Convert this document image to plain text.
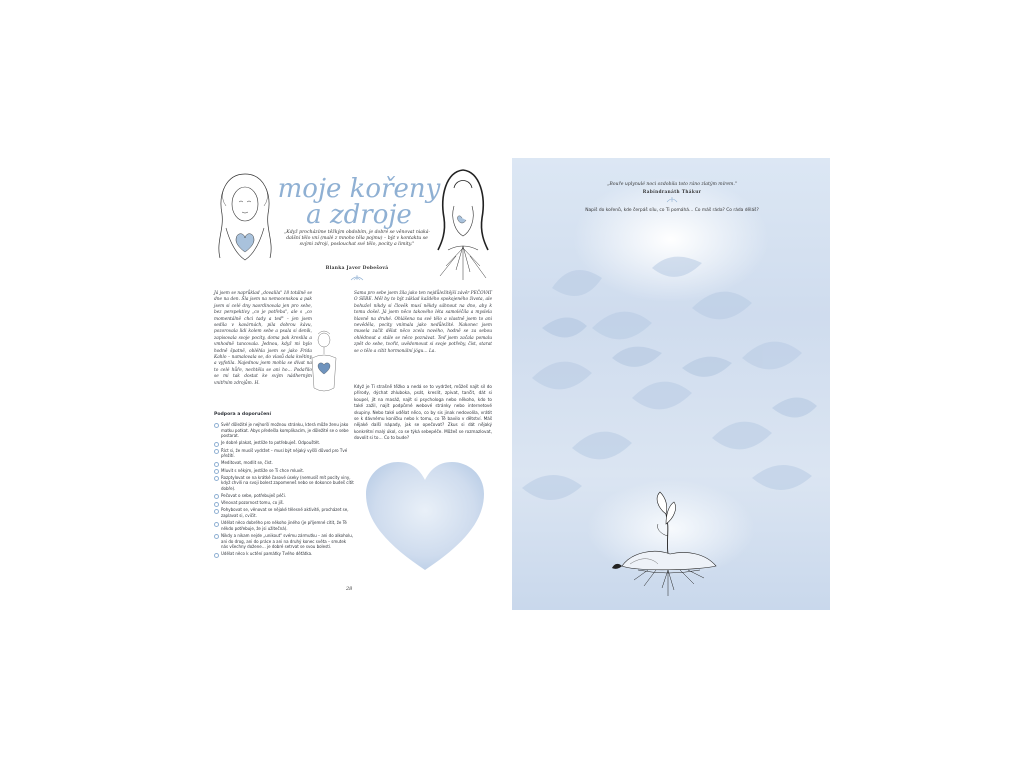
moje kořeny a zdroje
„Když procházíme těžkým obdobím, je dobré se věnovat niaká-dalšní tělo vní (malé z mnoho těla pojmu) – být v kontaktu se svými zdroji, poslouchat své tělo, pocity a limity."
Blanka Javor Dobešová
Já jsem se naprůklad „dovalila" 18 totálně se dne na den. Šla jsem na nemocenskou a pak jsem si celé dny naordinovala jen pro sebe, bez perspektivy „co je potřeba", ale s „co momentálně chci tady a teď" – jen jsem sedila v kavárnách, pila dobrou kávu, pozorovala lidi kolem sebe a psala si deník, zapisovala svoje pocity, doma pak kreslila a vmhodně tancovala. Jednou, když mi bylo hodně špatně, obléhla jsem se jako Frida Kahlo – namalovala se, do vlasů dala květiny a vyfotila. Najednou jsem mohla se dívat na to celé hůře, nechtěla se ani ho… Podařilo se mi tak dostat ke svým nádherným vnitřním zdrojům. H.
Sama pro sebe jsem žila jako ten nejdůležitější závěr PEČOVAT O SEBE. Měl by to být základ každého spokojeného života, ale bohužel nikdy si člověk musí někdy sáhnout na dno, aby k tomu došel. Já jsem něco takového léta samoléčila a myslela hlavně na druhé. Ohlášena na své tělo a vlastně jsem to ani nevěděla, pocity vnímala jako nedůležité. Nakonec jsem musela začít dělat něco zcela nového, hodně se za sebou ohlédnout a stále se něco poznávat. Teď jsem začala pomalu zpět do sebe, tvořit, uvědomovat si svoje potřeby, číst, starat se o tělo a cítit hormonální jógu… La.
Když je Ti strašně těžko a nedá se to vydržet, můžeš najít sil do přírody, dýchat zhluboka, psát, kreslit, zpívat, tančit, dát si koupel, jít na masáž, najít si psychologa nebo někoho, kdo to také zažil, najít podpůrné webové stránky nebo internetové skupiny. Nebo také udělat něco, co by sis jinak nedovolila, vrátit se k dávnému koníčku nebo k tomu, co Tě bavilo v dětství. Máš nějaké další nápady, jak se opečovat? Zkus si dát nějaký konkrétní malý úkol, co se týká sebepéče. Můžeš se rozmazlovat, dovolit si to… Co to bude?
Podpora a doporučení
Svěř důležité je nejhorší možnou stránku, která může ženu jako matku potkat. Abys předešla komplikacím, je důležité se o sebe postarat.
Je dobré plakat, jestliže to potřebuješ. Odpouštět.
Říct si, že musíš vydržet – musí být nějaký vyšší důvod pro Tvé přežití.
Meditovat, modlit se, číst.
Mluvit s někým, jestliže se Ti chce mluvit.
Rozptylovat se na krátké časové úseky (nemusíš mít pocity viny, když chvíli na svoji bolest zapomeneš nebo se dokonce budeš cítit dobře).
Pečovat o sebe, potřebuješ péči.
Věnovat pozornost tomu, co jíš.
Pohybovat se, věnovat se nějaké tělesné aktivitě, procházet se, zaplavat si, cvičit.
Udělat něco dobrého pro někoho jiného (je příjemné cítit, že Tě někdo potřebuje, že jsi užitečná).
Nikdy a nikam nejde „unikout" svému zármutku – ani do alkoholu, ani do drog, ani do práce a ani na druhý konec světa – smutek nás všechny dožene… je dobré setrvat se svou bolestí.
Udělat něco k uctění památky Tvého děťátka.
28
„Bouře uplynulé noci ozdobila toto ráno zlatým mírem."
Rabíndranáth Thákur
Napiš do kořenů, kde čerpáš sílu, co Ti pomáhá… Co máš ráda? Co ráda děláš?
